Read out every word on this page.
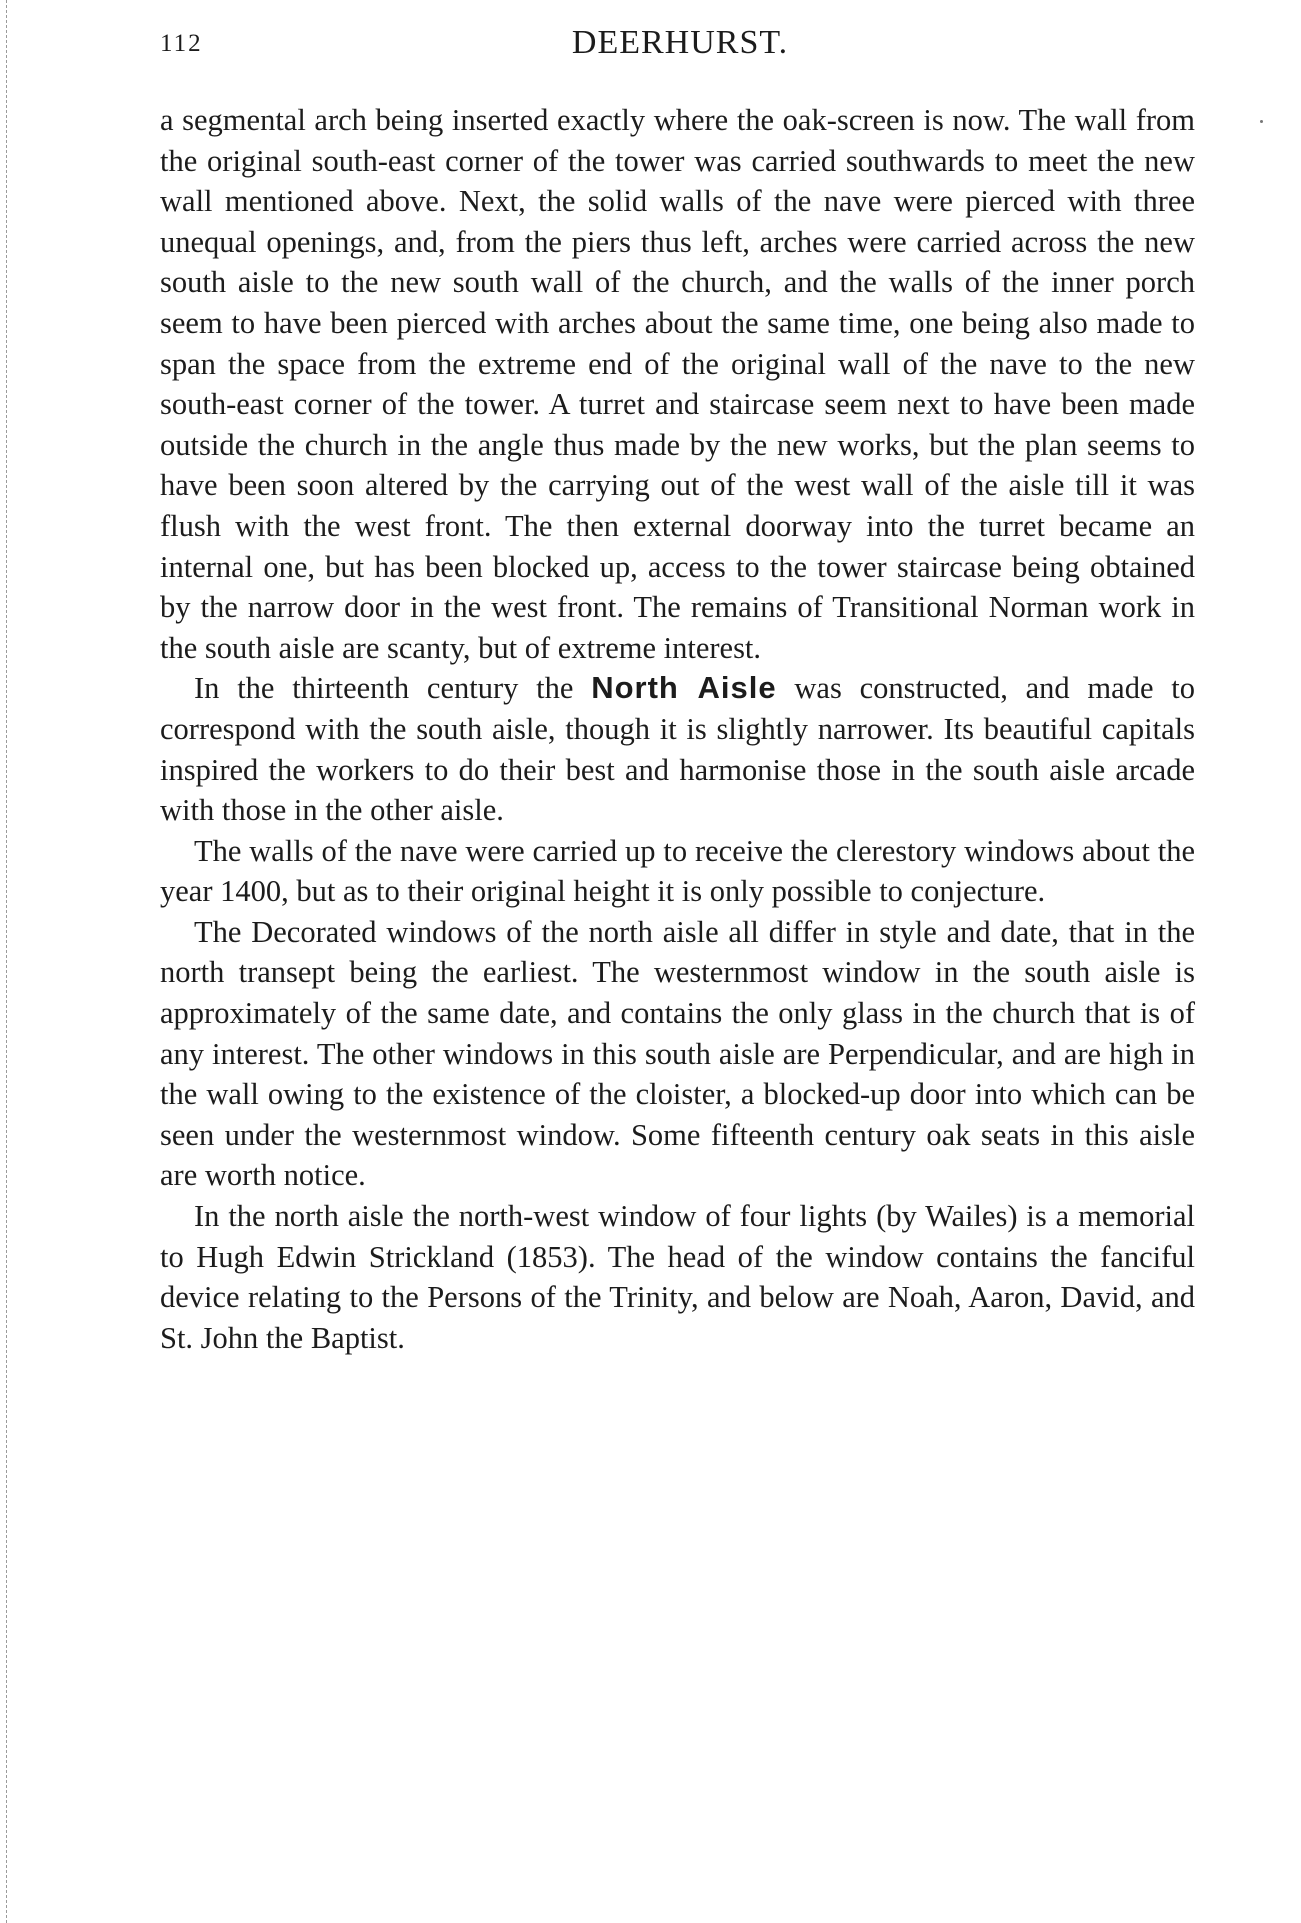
112	DEERHURST.

a segmental arch being inserted exactly where the oak-screen is now. The wall from the original south-east corner of the tower was carried southwards to meet the new wall mentioned above. Next, the solid walls of the nave were pierced with three unequal openings, and, from the piers thus left, arches were carried across the new south aisle to the new south wall of the church, and the walls of the inner porch seem to have been pierced with arches about the same time, one being also made to span the space from the extreme end of the original wall of the nave to the new south-east corner of the tower. A turret and staircase seem next to have been made outside the church in the angle thus made by the new works, but the plan seems to have been soon altered by the carrying out of the west wall of the aisle till it was flush with the west front. The then external doorway into the turret became an internal one, but has been blocked up, access to the tower staircase being obtained by the narrow door in the west front. The remains of Transitional Norman work in the south aisle are scanty, but of extreme interest.

In the thirteenth century the North Aisle was constructed, and made to correspond with the south aisle, though it is slightly narrower. Its beautiful capitals inspired the workers to do their best and harmonise those in the south aisle arcade with those in the other aisle.

The walls of the nave were carried up to receive the clerestory windows about the year 1400, but as to their original height it is only possible to conjecture.

The Decorated windows of the north aisle all differ in style and date, that in the north transept being the earliest. The westernmost window in the south aisle is approximately of the same date, and contains the only glass in the church that is of any interest. The other windows in this south aisle are Perpendicular, and are high in the wall owing to the existence of the cloister, a blocked-up door into which can be seen under the westernmost window. Some fifteenth century oak seats in this aisle are worth notice.

In the north aisle the north-west window of four lights (by Wailes) is a memorial to Hugh Edwin Strickland (1853). The head of the window contains the fanciful device relating to the Persons of the Trinity, and below are Noah, Aaron, David, and St. John the Baptist.
